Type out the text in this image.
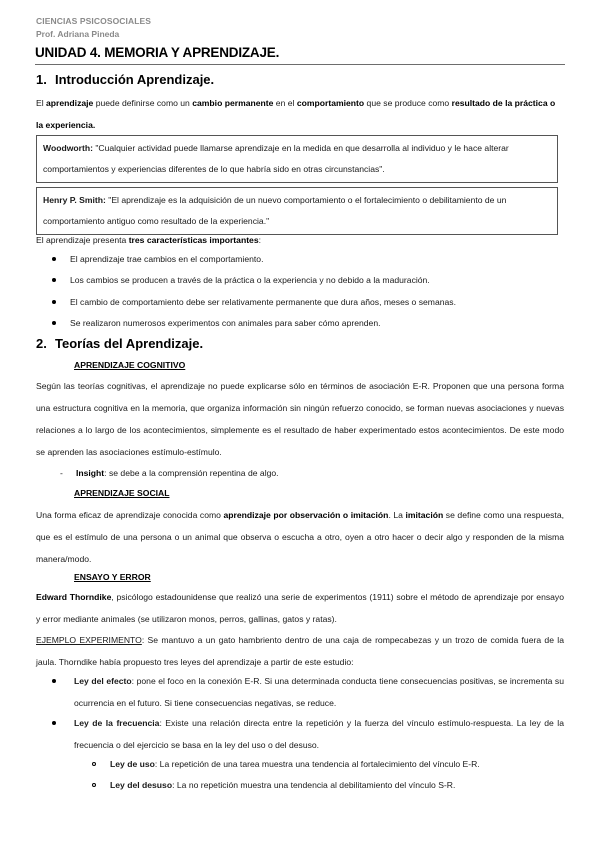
CIENCIAS PSICOSOCIALES
Prof. Adriana Pineda
UNIDAD 4. MEMORIA Y APRENDIZAJE.
1. Introducción Aprendizaje.
El aprendizaje puede definirse como un cambio permanente en el comportamiento que se produce como resultado de la práctica o la experiencia.
Woodworth: "Cualquier actividad puede llamarse aprendizaje en la medida en que desarrolla al individuo y le hace alterar comportamientos y experiencias diferentes de lo que habría sido en otras circunstancias".
Henry P. Smith: "El aprendizaje es la adquisición de un nuevo comportamiento o el fortalecimiento o debilitamiento de un comportamiento antiguo como resultado de la experiencia."
El aprendizaje presenta tres características importantes:
El aprendizaje trae cambios en el comportamiento.
Los cambios se producen a través de la práctica o la experiencia y no debido a la maduración.
El cambio de comportamiento debe ser relativamente permanente que dura años, meses o semanas.
Se realizaron numerosos experimentos con animales para saber cómo aprenden.
2. Teorías del Aprendizaje.
APRENDIZAJE COGNITIVO
Según las teorías cognitivas, el aprendizaje no puede explicarse sólo en términos de asociación E-R. Proponen que una persona forma una estructura cognitiva en la memoria, que organiza información sin ningún refuerzo conocido, se forman nuevas asociaciones y nuevas relaciones a lo largo de los acontecimientos, simplemente es el resultado de haber experimentado estos acontecimientos. De este modo se aprenden las asociaciones estímulo-estímulo.
- Insight: se debe a la comprensión repentina de algo.
APRENDIZAJE SOCIAL
Una forma eficaz de aprendizaje conocida como aprendizaje por observación o imitación. La imitación se define como una respuesta, que es el estímulo de una persona o un animal que observa o escucha a otro, oyen a otro hacer o decir algo y responden de la misma manera/modo.
ENSAYO Y ERROR
Edward Thorndike, psicólogo estadounidense que realizó una serie de experimentos (1911) sobre el método de aprendizaje por ensayo y error mediante animales (se utilizaron monos, perros, gallinas, gatos y ratas).
EJEMPLO EXPERIMENTO: Se mantuvo a un gato hambriento dentro de una caja de rompecabezas y un trozo de comida fuera de la jaula. Thorndike había propuesto tres leyes del aprendizaje a partir de este estudio:
Ley del efecto: pone el foco en la conexión E-R. Si una determinada conducta tiene consecuencias positivas, se incrementa su ocurrencia en el futuro. Si tiene consecuencias negativas, se reduce.
Ley de la frecuencia: Existe una relación directa entre la repetición y la fuerza del vínculo estímulo-respuesta. La ley de la frecuencia o del ejercicio se basa en la ley del uso o del desuso.
Ley de uso: La repetición de una tarea muestra una tendencia al fortalecimiento del vínculo E-R.
Ley del desuso: La no repetición muestra una tendencia al debilitamiento del vínculo S-R.
